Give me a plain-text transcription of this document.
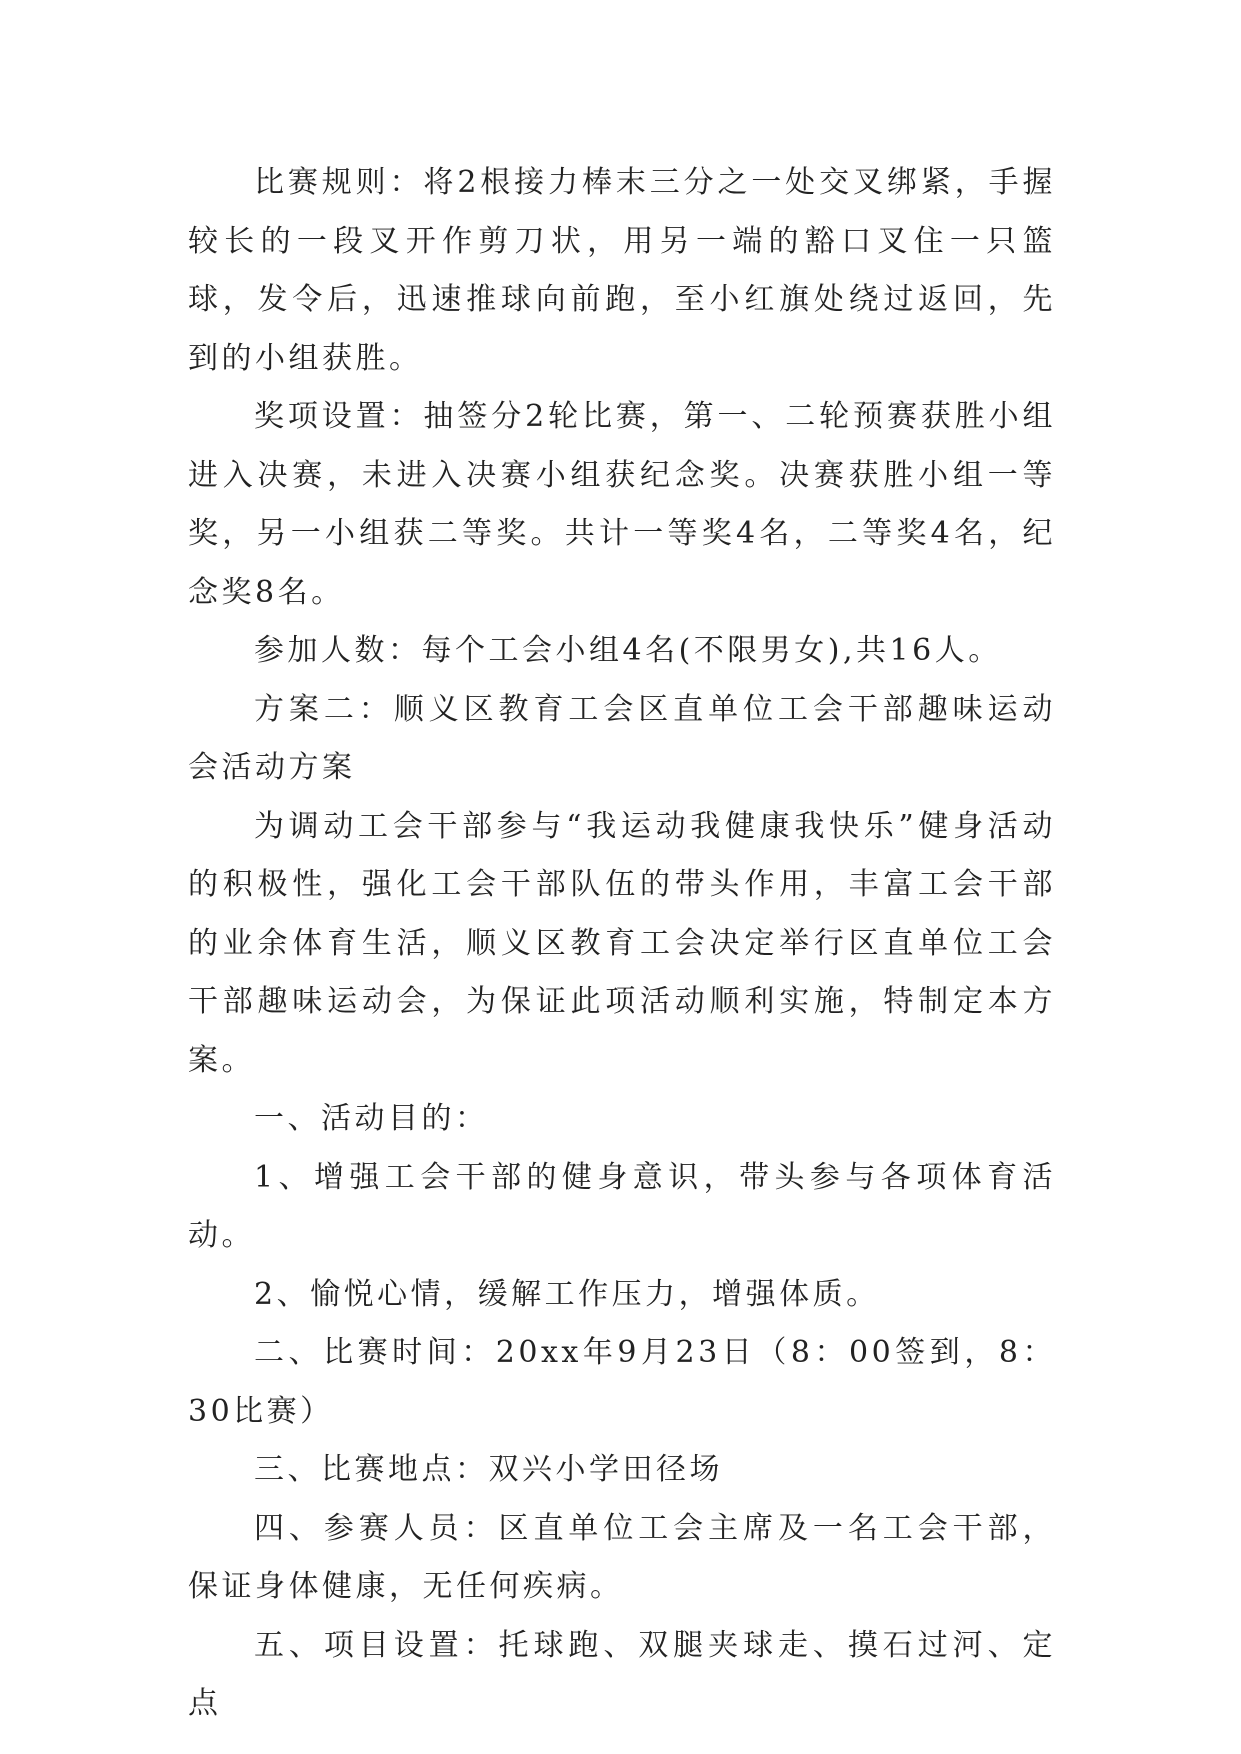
比赛规则：将2根接力棒末三分之一处交叉绑紧，手握较长的一段叉开作剪刀状，用另一端的豁口叉住一只篮球，发令后，迅速推球向前跑，至小红旗处绕过返回，先到的小组获胜。

奖项设置：抽签分2轮比赛，第一、二轮预赛获胜小组进入决赛，未进入决赛小组获纪念奖。决赛获胜小组一等奖，另一小组获二等奖。共计一等奖4名，二等奖4名，纪念奖8名。

参加人数：每个工会小组4名(不限男女),共16人。

方案二：顺义区教育工会区直单位工会干部趣味运动会活动方案

为调动工会干部参与“我运动我健康我快乐”健身活动的积极性，强化工会干部队伍的带头作用，丰富工会干部的业余体育生活，顺义区教育工会决定举行区直单位工会干部趣味运动会，为保证此项活动顺利实施，特制定本方案。

一、活动目的：

1、增强工会干部的健身意识，带头参与各项体育活动。

2、愉悦心情，缓解工作压力，增强体质。

二、比赛时间：20xx年9月23日（8：00签到，8：30比赛）

三、比赛地点：双兴小学田径场

四、参赛人员：区直单位工会主席及一名工会干部，保证身体健康，无任何疾病。

五、项目设置：托球跑、双腿夹球走、摸石过河、定点
